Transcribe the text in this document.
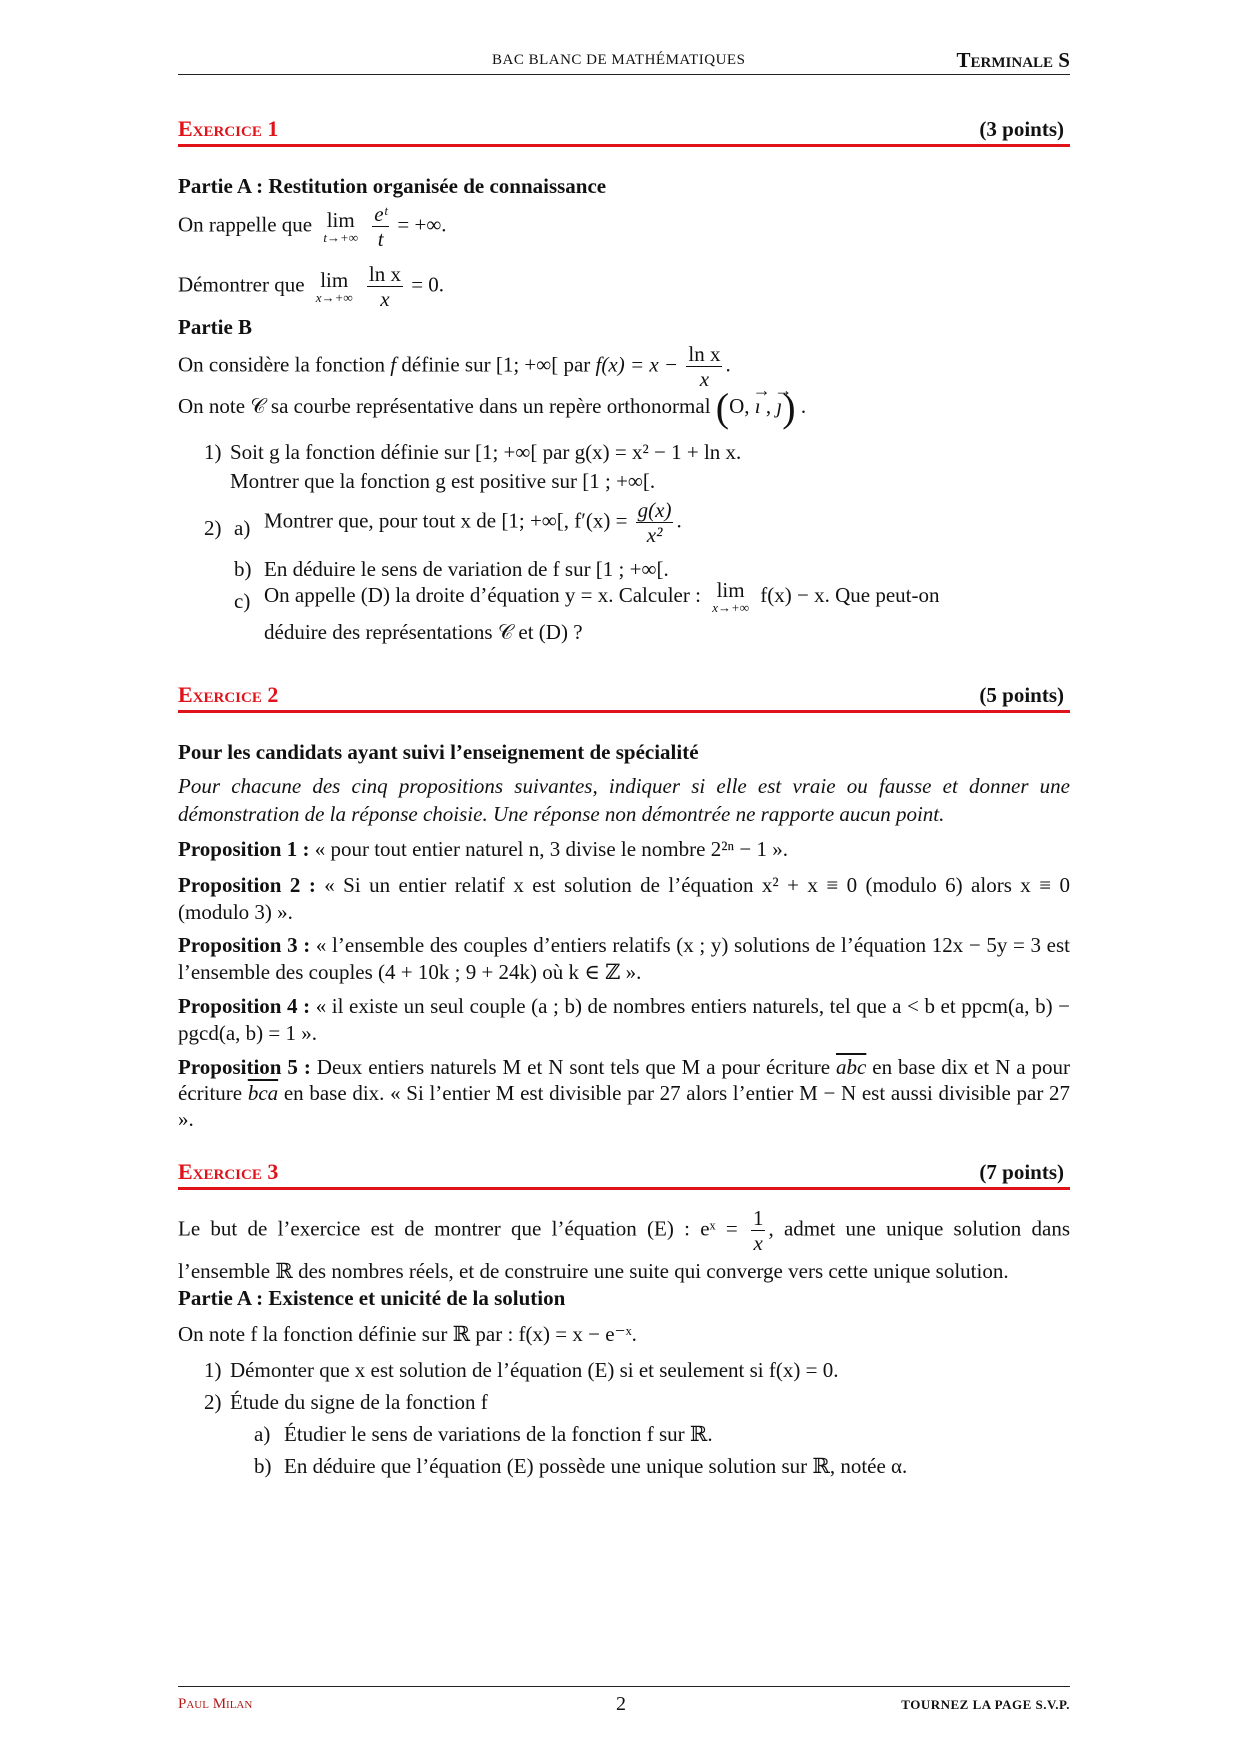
BAC BLANC DE MATHÉMATIQUES	Terminale S
Exercice 1	(3 points)
Partie A : Restitution organisée de connaissance
On rappelle que lim
t→+∞
$\frac{\text{eᵗ}}{t}$ = +∞.
Démontrer que lim
x→+∞
$\frac{\text{ln x}}{x} = 0$.
Partie B
On considère la fonction f définie sur [1; +∞[ par $f(x) = x - \frac{\text{ln x}}{x}$ .
On note 𝒞 sa courbe représentative dans un repère orthonormal (O, → ı , → ȷ) .
1) Soit g la fonction définie sur [1; +∞[ par g(x) = x² − 1 + ln x.
Montrer que la fonction g est positive sur [1 ; +∞[.
2) a) Montrer que, pour tout x de [1; +∞[, $f'(x) = \frac{g(x)}{\text{x²}}$ .
b) En déduire le sens de variation de f sur [1 ; +∞[.
c) On appelle (D) la droite d’équation y = x. Calculer : lim
x→+∞
f(x) − x. Que peut-on
déduire des représentations 𝒞 et (D) ?
Exercice 2	(5 points)
Pour les candidats ayant suivi l’enseignement de spécialité
Pour chacune des cinq propositions suivantes, indiquer si elle est vraie ou fausse et donner une démonstration de la réponse choisie. Une réponse non démontrée ne rapporte aucun point.
Proposition 1 : « pour tout entier naturel n, 3 divise le nombre 2²ⁿ − 1 ».
Proposition 2 : « Si un entier relatif x est solution de l’équation x² + x ≡ 0 (modulo 6) alors x ≡ 0 (modulo 3) ».
Proposition 3 : « l’ensemble des couples d’entiers relatifs (x ; y) solutions de l’équation 12x − 5y = 3 est l’ensemble des couples (4 + 10k ; 9 + 24k) où k ∈ ℤ ».
Proposition 4 : « il existe un seul couple (a ; b) de nombres entiers naturels, tel que a < b et ppcm(a, b) − pgcd(a, b) = 1 ».
Proposition 5 : Deux entiers naturels M et N sont tels que M a pour écriture $\overline{abc}$ en base dix et N a pour écriture $\overline{bca}$ en base dix. « Si l’entier M est divisible par 27 alors l’entier M − N est aussi divisible par 27 ».
Exercice 3	(7 points)
Le but de l’exercice est de montrer que l’équation (E) : eˣ = $\frac{1}{x}$ , admet une unique solution dans l’ensemble ℝ des nombres réels, et de construire une suite qui converge vers cette unique solution.
Partie A : Existence et unicité de la solution
On note f la fonction définie sur ℝ par : f(x) = x − e⁻ˣ.
1) Démonter que x est solution de l’équation (E) si et seulement si f(x) = 0.
2) Étude du signe de la fonction f
a) Étudier le sens de variations de la fonction f sur ℝ.
b) En déduire que l’équation (E) possède une unique solution sur ℝ, notée α.
Paul Milan	2	TOURNEZ LA PAGE S.V.P.
